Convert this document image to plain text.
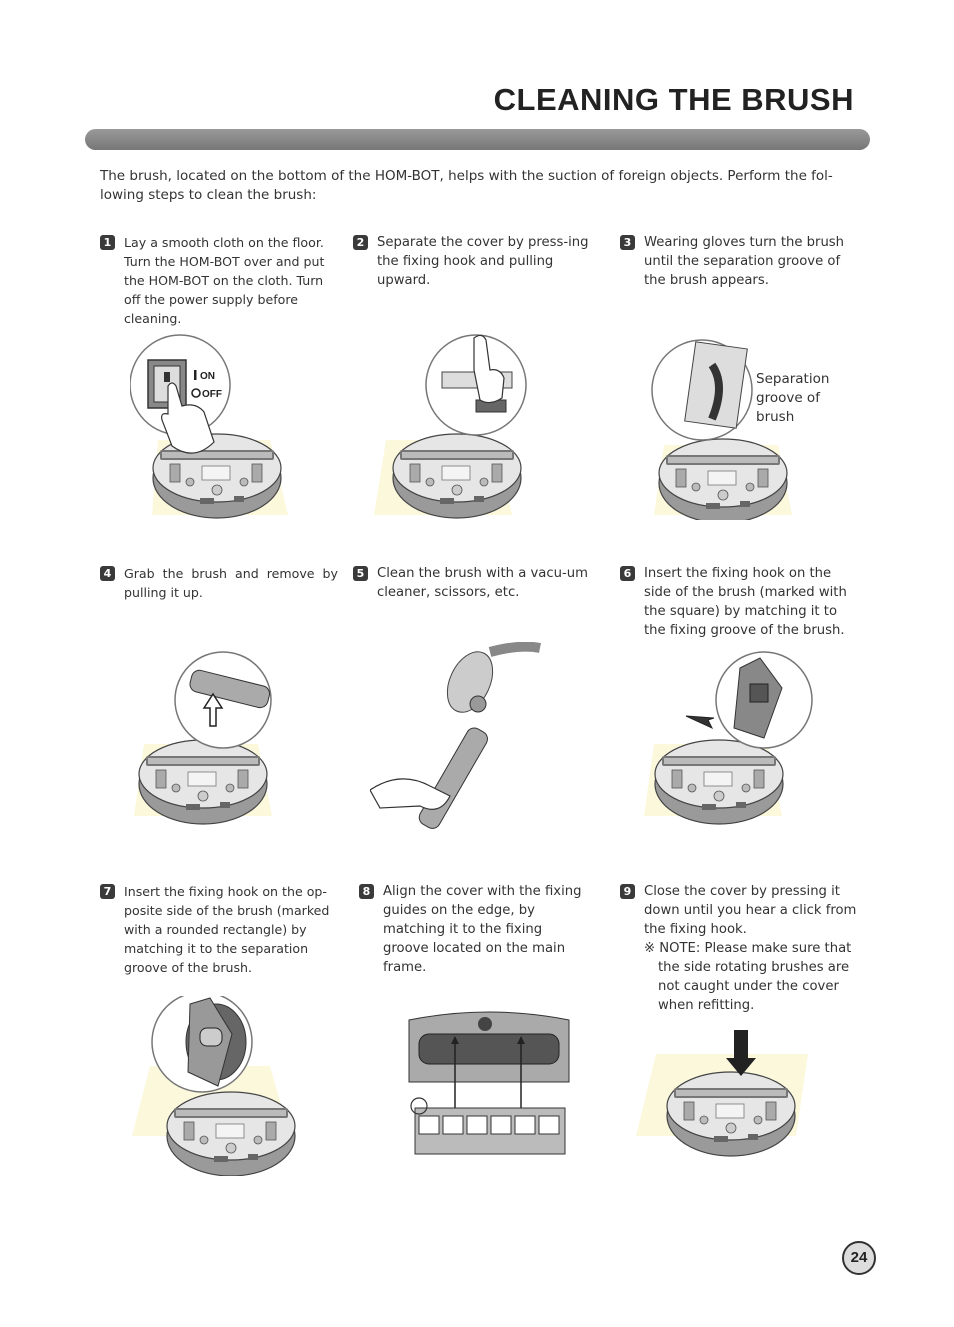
CLEANING THE BRUSH

The brush, located on the bottom of the HOM-BOT, helps with the suction of foreign objects. Perform the fol-lowing steps to clean the brush:

1 Lay a smooth cloth on the floor. Turn the HOM-BOT over and put the HOM-BOT on the cloth. Turn off the power supply before cleaning.
ON
OFF
2 Separate the cover by press-ing the fixing hook and pulling upward.
3 Wearing gloves turn the brush until the separation groove of the brush appears.
Separation groove of brush
4 Grab the brush and remove by pulling it up.
5 Clean the brush with a vacu-um cleaner, scissors, etc.
6 Insert the fixing hook on the side of the brush (marked with the square) by matching it to the fixing groove of the brush.
7 Insert the fixing hook on the op-posite side of the brush (marked with a rounded rectangle) by matching it to the separation groove of the brush.
8 Align the cover with the fixing guides on the edge, by matching it to the fixing groove located on the main frame.
9 Close the cover by pressing it down until you hear a click from the fixing hook.
※ NOTE: Please make sure that the side rotating brushes are not caught under the cover when refitting.
24
